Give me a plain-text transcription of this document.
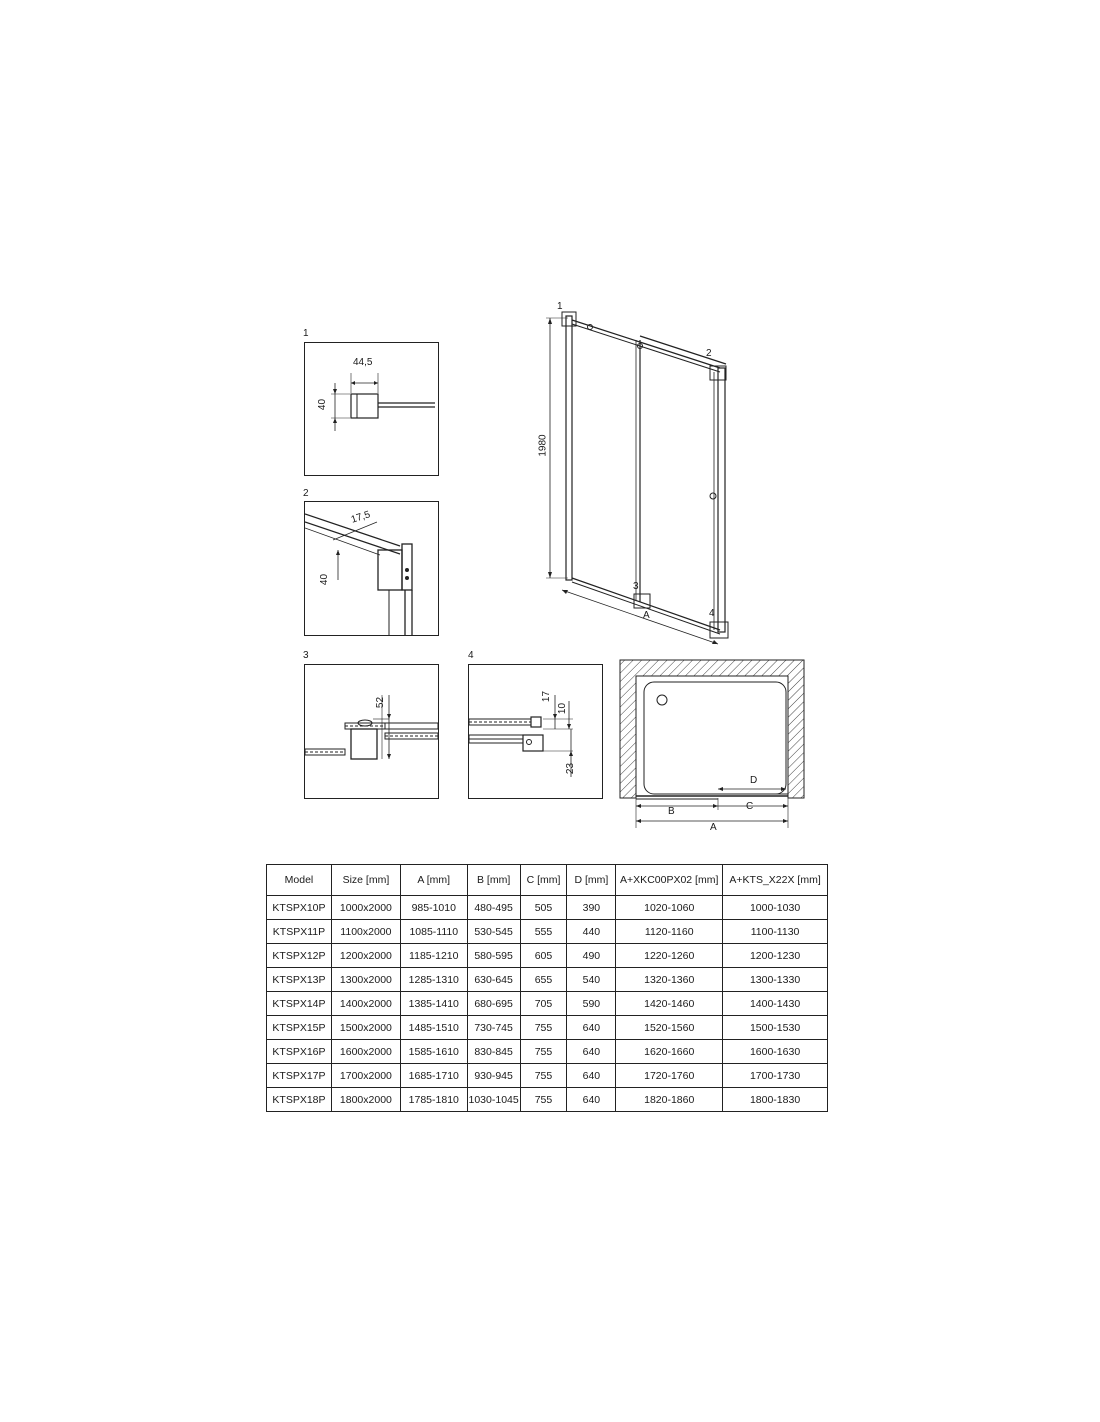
1
2
3	4
44,5
40
17,5
40
52
17
10
23
1980
A
1
2
3
4
D
B	C
A
Model	Size [mm]	A [mm]	B [mm]	C [mm]	D [mm]	A+XKC00PX02 [mm]	A+KTS_X22X [mm]
KTSPX10P	1000x2000	985-1010	480-495	505	390	1020-1060	1000-1030
KTSPX11P	1100x2000	1085-1110	530-545	555	440	1120-1160	1100-1130
KTSPX12P	1200x2000	1185-1210	580-595	605	490	1220-1260	1200-1230
KTSPX13P	1300x2000	1285-1310	630-645	655	540	1320-1360	1300-1330
KTSPX14P	1400x2000	1385-1410	680-695	705	590	1420-1460	1400-1430
KTSPX15P	1500x2000	1485-1510	730-745	755	640	1520-1560	1500-1530
KTSPX16P	1600x2000	1585-1610	830-845	755	640	1620-1660	1600-1630
KTSPX17P	1700x2000	1685-1710	930-945	755	640	1720-1760	1700-1730
KTSPX18P	1800x2000	1785-1810	1030-1045	755	640	1820-1860	1800-1830
